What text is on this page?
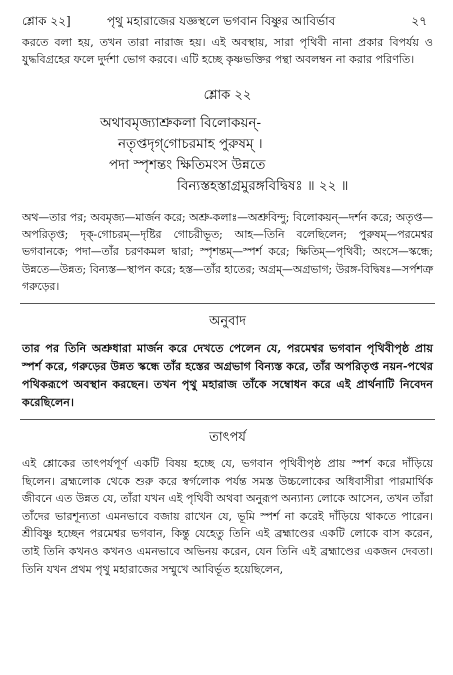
শ্লোক ২২]	পৃথু মহারাজের যজ্ঞস্থলে ভগবান বিষ্ণুর আবির্ভাব	২৭

করতে বলা হয়, তখন তারা নারাজ হয়। এই অবস্থায়, সারা পৃথিবী নানা প্রকার বিপর্যয় ও যুদ্ধবিগ্রহের ফলে দুর্দশা ভোগ করবে। এটি হচ্ছে কৃষ্ণভক্তির পন্থা অবলম্বন না করার পরিণতি।

শ্লোক ২২
অথাবমৃজ্যাশ্রুকলা বিলোকয়ন্-
নতৃপ্তদৃগ্‌গোচরমাহ পুরুষম্ ।
পদা স্পৃশন্তং ক্ষিতিমংস উন্নতে
বিন্যস্তহস্তাগ্রমুরঙ্গবিদ্বিষঃ ॥ ২২ ॥

অথ—তার পর; অবমৃজ্য—মার্জন করে; অশ্রু-কলাঃ—অশ্রুবিন্দু; বিলোকয়ন্—দর্শন করে; অতৃপ্ত—অপরিতৃপ্ত; দৃক্-গোচরম্—দৃষ্টির গোচরীভূত; আহ—তিনি বলেছিলেন; পুরুষম্—পরমেশ্বর ভগবানকে; পদা—তাঁর চরণকমল দ্বারা; স্পৃশন্তম্—স্পর্শ করে; ক্ষিতিম্—পৃথিবী; অংসে—স্কন্ধে; উন্নতে—উন্নত; বিন্যস্ত—স্থাপন করে; হস্ত—তাঁর হাতের; অগ্রম্—অগ্রভাগ; উরঙ্গ-বিদ্বিষঃ—সর্পশত্রু গরুড়ের।

অনুবাদ

তার পর তিনি অশ্রুধারা মার্জন করে দেখতে পেলেন যে, পরমেশ্বর ভগবান পৃথিবীপৃষ্ঠ প্রায় স্পর্শ করে, গরুড়ের উন্নত স্কন্ধে তাঁর হস্তের অগ্রভাগ বিন্যস্ত করে, তাঁর অপরিতৃপ্ত নয়ন-পথের পথিকরূপে অবস্থান করছেন। তখন পৃথু মহারাজ তাঁকে সম্বোধন করে এই প্রার্থনাটি নিবেদন করেছিলেন।

তাৎপর্য

এই শ্লোকের তাৎপর্যপূর্ণ একটি বিষয় হচ্ছে যে, ভগবান পৃথিবীপৃষ্ঠ প্রায় স্পর্শ করে দাঁড়িয়ে ছিলেন। ব্রহ্মলোক থেকে শুরু করে স্বর্গলোক পর্যন্ত সমস্ত উচ্চলোকের অধিবাসীরা পারমার্থিক জীবনে এত উন্নত যে, তাঁরা যখন এই পৃথিবী অথবা অনুরূপ অন্যান্য লোকে আসেন, তখন তাঁরা তাঁদের ভারশূন্যতা এমনভাবে বজায় রাখেন যে, ভূমি স্পর্শ না করেই দাঁড়িয়ে থাকতে পারেন। শ্রীবিষ্ণু হচ্ছেন পরমেশ্বর ভগবান, কিন্তু যেহেতু তিনি এই ব্রহ্মাণ্ডের একটি লোকে বাস করেন, তাই তিনি কখনও কখনও এমনভাবে অভিনয় করেন, যেন তিনি এই ব্রহ্মাণ্ডের একজন দেবতা। তিনি যখন প্রথম পৃথু মহারাজের সম্মুখে আবির্ভূত হয়েছিলেন,
